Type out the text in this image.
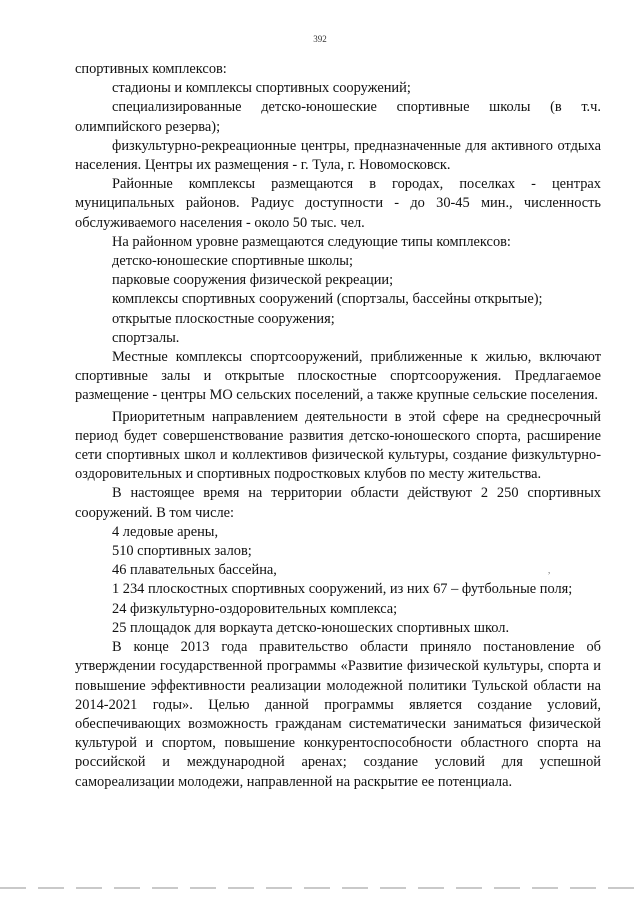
392

спортивных комплексов:

стадионы и комплексы спортивных сооружений;

специализированные детско-юношеские спортивные школы (в т.ч. олимпийского резерва);

физкультурно-рекреационные центры, предназначенные для активного отдыха населения. Центры их размещения - г. Тула, г. Новомосковск.

Районные комплексы размещаются в городах, поселках - центрах муниципальных районов. Радиус доступности - до 30-45 мин., численность обслуживаемого населения - около 50 тыс. чел.

На районном уровне размещаются следующие типы комплексов:

детско-юношеские спортивные школы;

парковые сооружения физической рекреации;

комплексы спортивных сооружений (спортзалы, бассейны открытые);

открытые плоскостные сооружения;

спортзалы.

Местные комплексы спортсооружений, приближенные к жилью, включают спортивные залы и открытые плоскостные спортсооружения. Предлагаемое размещение - центры МО сельских поселений, а также крупные сельские поселения.

Приоритетным направлением деятельности в этой сфере на среднесрочный период будет совершенствование развития детско-юношеского спорта, расширение сети спортивных школ и коллективов физической культуры, создание физкультурно-оздоровительных и спортивных подростковых клубов по месту жительства.

В настоящее время на территории области действуют 2 250 спортивных сооружений. В том числе:

4 ледовые арены,

510 спортивных залов;

46 плавательных бассейна,

1 234 плоскостных спортивных сооружений, из них 67 – футбольные поля;

24 физкультурно-оздоровительных комплекса;

25 площадок для воркаута детско-юношеских спортивных школ.

В конце 2013 года правительство области приняло постановление об утверждении государственной программы «Развитие физической культуры, спорта и повышение эффективности реализации молодежной политики Тульской области на 2014-2021 годы». Целью данной программы является создание условий, обеспечивающих возможность гражданам систематически заниматься физической культурой и спортом, повышение конкурентоспособности областного спорта на российской и международной аренах; создание условий для успешной самореализации молодежи, направленной на раскрытие ее потенциала.

,
